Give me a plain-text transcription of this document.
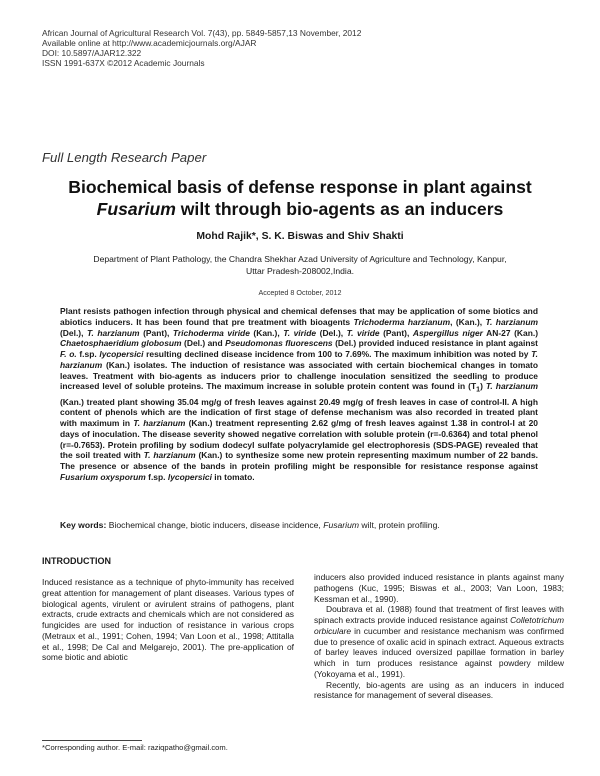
African Journal of Agricultural Research Vol. 7(43), pp. 5849-5857,13 November, 2012
Available online at http://www.academicjournals.org/AJAR
DOI: 10.5897/AJAR12.322
ISSN 1991-637X ©2012 Academic Journals
Full Length Research Paper
Biochemical basis of defense response in plant against
Fusarium wilt through bio-agents as an inducers
Mohd Rajik*, S. K. Biswas and Shiv Shakti
Department of Plant Pathology, the Chandra Shekhar Azad University of Agriculture and Technology, Kanpur,
Uttar Pradesh-208002,India.
Accepted 8 October, 2012
Plant resists pathogen infection through physical and chemical defenses that may be application of some biotics and abiotics inducers. It has been found that pre treatment with bioagents Trichoderma harzianum, (Kan.), T. harzianum (Del.), T. harzianum (Pant), Trichoderma viride (Kan.), T. viride (Del.), T. viride (Pant), Aspergillus niger AN-27 (Kan.) Chaetosphaeridium globosum (Del.) and Pseudomonas fluorescens (Del.) provided induced resistance in plant against F. o. f.sp. lycopersici resulting declined disease incidence from 100 to 7.69%. The maximum inhibition was noted by T. harzianum (Kan.) isolates. The induction of resistance was associated with certain biochemical changes in tomato leaves. Treatment with bio-agents as inducers prior to challenge inoculation sensitized the seedling to produce increased level of soluble proteins. The maximum increase in soluble protein content was found in $(T_1)$ T. harzianum (Kan.) treated plant showing 35.04 mg/g of fresh leaves against 20.49 mg/g of fresh leaves in case of control-II. A high content of phenols which are the indication of first stage of defense mechanism was also recorded in treated plant with maximum in T. harzianum (Kan.) treatment representing 2.62 g/mg of fresh leaves against 1.38 in control-I at 20 days of inoculation. The disease severity showed negative correlation with soluble protein (r=-0.6364) and total phenol (r=-0.7653). Protein profiling by sodium dodecyl sulfate polyacrylamide gel electrophoresis (SDS-PAGE) revealed that the soil treated with T. harzianum (Kan.) to synthesize some new protein representing maximum number of 22 bands. The presence or absence of the bands in protein profiling might be responsible for resistance response against Fusarium oxysporum f.sp. lycopersici in tomato.
Key words: Biochemical change, biotic inducers, disease incidence, Fusarium wilt, protein profiling.
INTRODUCTION

Induced resistance as a technique of phyto-immunity has received great attention for management of plant diseases. Various types of biological agents, virulent or avirulent strains of pathogens, plant extracts, crude extracts and chemicals which are not considered as fungicides are used for induction of resistance in various crops (Metraux et al., 1991; Cohen, 1994; Van Loon et al., 1998; Attitalla et al., 1998; De Cal and Melgarejo, 2001). The pre-application of some biotic and abiotic

inducers also provided induced resistance in plants against many pathogens (Kuc, 1995; Biswas et al., 2003; Van Loon, 1983; Kessman et al., 1990).

Doubrava et al. (1988) found that treatment of first leaves with spinach extracts provide induced resistance against Colletotrichum orbiculare in cucumber and resistance mechanism was confirmed due to presence of oxalic acid in spinach extract. Aqueous extracts of barley leaves induced oversized papillae formation in barley which in turn produces resistance against powdery mildew (Yokoyama et al., 1991).

Recently, bio-agents are using as an inducers in induced resistance for management of several diseases.

*Corresponding author. E-mail: raziqpatho@gmail.com.
